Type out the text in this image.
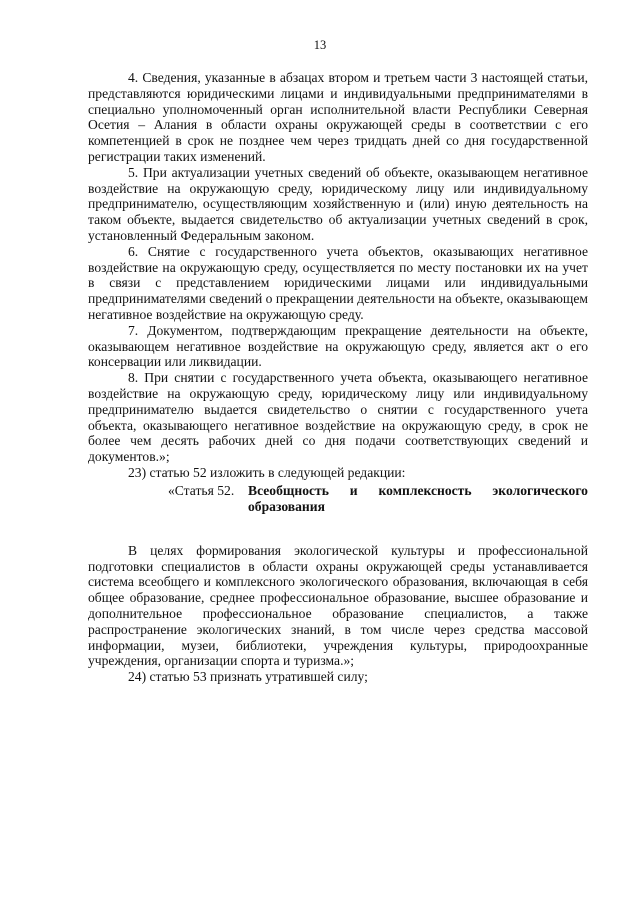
13

4. Сведения, указанные в абзацах втором и третьем части 3 настоящей статьи, представляются юридическими лицами и индивидуальными предпринимателями в специально уполномоченный орган исполнительной власти Республики Северная Осетия – Алания в области охраны окружающей среды в соответствии с его компетенцией в срок не позднее чем через тридцать дней со дня государственной регистрации таких изменений.

5. При актуализации учетных сведений об объекте, оказывающем негативное воздействие на окружающую среду, юридическому лицу или индивидуальному предпринимателю, осуществляющим хозяйственную и (или) иную деятельность на таком объекте, выдается свидетельство об актуализации учетных сведений в срок, установленный Федеральным законом.

6. Снятие с государственного учета объектов, оказывающих негативное воздействие на окружающую среду, осуществляется по месту постановки их на учет в связи с представлением юридическими лицами или индивидуальными предпринимателями сведений о прекращении деятельности на объекте, оказывающем негативное воздействие на окружающую среду.

7. Документом, подтверждающим прекращение деятельности на объекте, оказывающем негативное воздействие на окружающую среду, является акт о его консервации или ликвидации.

8. При снятии с государственного учета объекта, оказывающего негативное воздействие на окружающую среду, юридическому лицу или индивидуальному предпринимателю выдается свидетельство о снятии с государственного учета объекта, оказывающего негативное воздействие на окружающую среду, в срок не более чем десять рабочих дней со дня подачи соответствующих сведений и документов.»;

23) статью 52 изложить в следующей редакции:

«Статья 52. Всеобщность и комплексность экологического
образования

В целях формирования экологической культуры и профессиональной подготовки специалистов в области охраны окружающей среды устанавливается система всеобщего и комплексного экологического образования, включающая в себя общее образование, среднее профессиональное образование, высшее образование и дополнительное профессиональное образование специалистов, а также распространение экологических знаний, в том числе через средства массовой информации, музеи, библиотеки, учреждения культуры, природоохранные учреждения, организации спорта и туризма.»;

24) статью 53 признать утратившей силу;
